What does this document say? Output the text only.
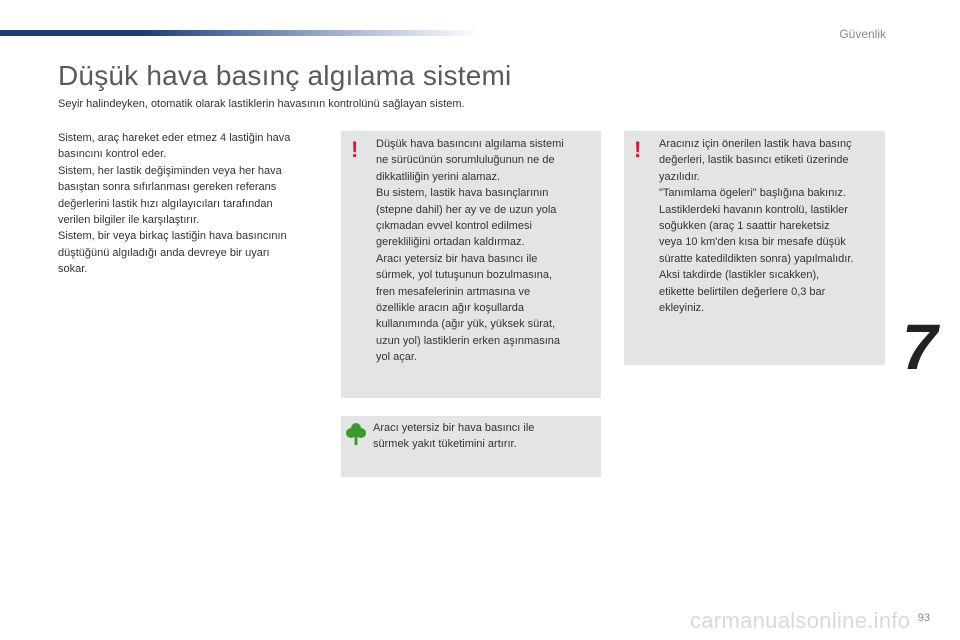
Güvenlik
Düşük hava basınç algılama sistemi
Seyir halindeyken, otomatik olarak lastiklerin havasının kontrolünü sağlayan sistem.
Sistem, araç hareket eder etmez 4 lastiğin hava
basıncını kontrol eder.
Sistem, her lastik değişiminden veya her hava
basıştan sonra sıfırlanması gereken referans
değerlerini lastik hızı algılayıcıları tarafından
verilen bilgiler ile karşılaştırır.
Sistem, bir veya birkaç lastiğin hava basıncının
düştüğünü algıladığı anda devreye bir uyarı
sokar.
! Düşük hava basıncını algılama sistemi
ne sürücünün sorumluluğunun ne de
dikkatliliğin yerini alamaz.
Bu sistem, lastik hava basınçlarının
(stepne dahil) her ay ve de uzun yola
çıkmadan evvel kontrol edilmesi
gerekliliğini ortadan kaldırmaz.
Aracı yetersiz bir hava basıncı ile
sürmek, yol tutuşunun bozulmasına,
fren mesafelerinin artmasına ve
özellikle aracın ağır koşullarda
kullanımında (ağır yük, yüksek sürat,
uzun yol) lastiklerin erken aşınmasına
yol açar.
! Aracınız için önerilen lastik hava basınç
değerleri, lastik basıncı etiketi üzerinde
yazılıdır.
"Tanımlama ögeleri" başlığına bakınız.
Lastiklerdeki havanın kontrolü, lastikler
soğukken (araç 1 saattir hareketsiz
veya 10 km'den kısa bir mesafe düşük
süratte katedildikten sonra) yapılmalıdır.
Aksi takdirde (lastikler sıcakken),
etikette belirtilen değerlere 0,3 bar
ekleyiniz.
Aracı yetersiz bir hava basıncı ile
sürmek yakıt tüketimini artırır.
7
carmanualsonline.info 93
